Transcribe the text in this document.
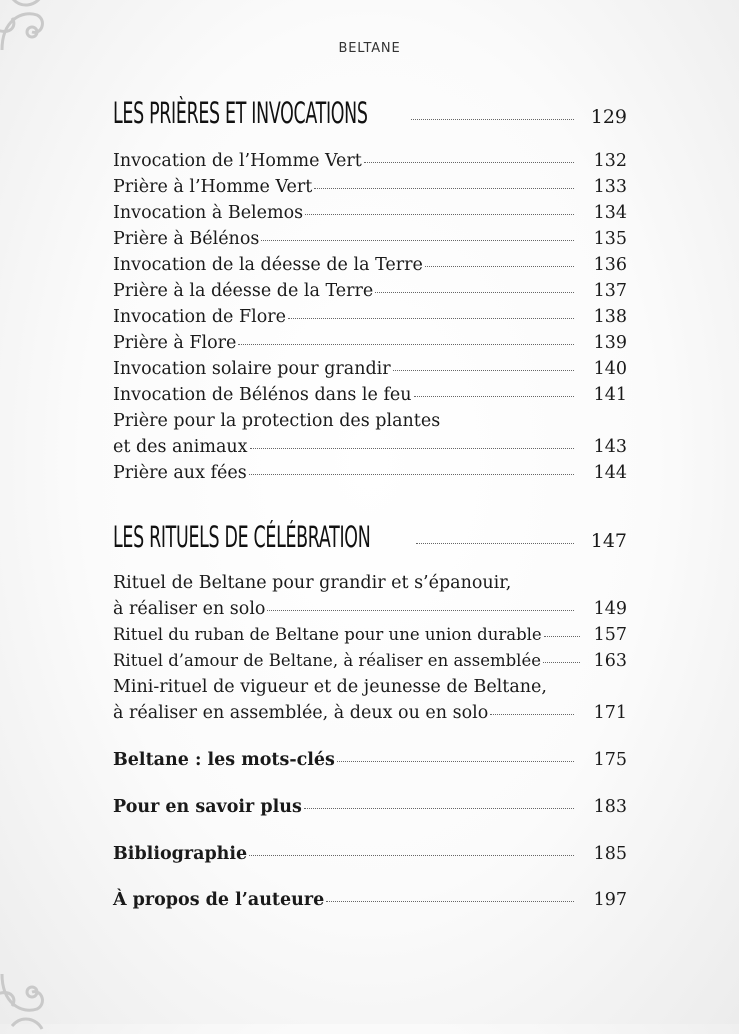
BELTANE
LES PRIÈRES ET INVOCATIONS	129
Invocation de l’Homme Vert	132
Prière à l’Homme Vert	133
Invocation à Belemos	134
Prière à Bélénos	135
Invocation de la déesse de la Terre	136
Prière à la déesse de la Terre	137
Invocation de Flore	138
Prière à Flore	139
Invocation solaire pour grandir	140
Invocation de Bélénos dans le feu	141
Prière pour la protection des plantes
et des animaux	143
Prière aux fées	144
LES RITUELS DE CÉLÉBRATION	147
Rituel de Beltane pour grandir et s’épanouir,
à réaliser en solo	149
Rituel du ruban de Beltane pour une union durable	157
Rituel d’amour de Beltane, à réaliser en assemblée	163
Mini-rituel de vigueur et de jeunesse de Beltane,
à réaliser en assemblée, à deux ou en solo	171
Beltane : les mots-clés	175
Pour en savoir plus	183
Bibliographie	185
À propos de l’auteure	197
